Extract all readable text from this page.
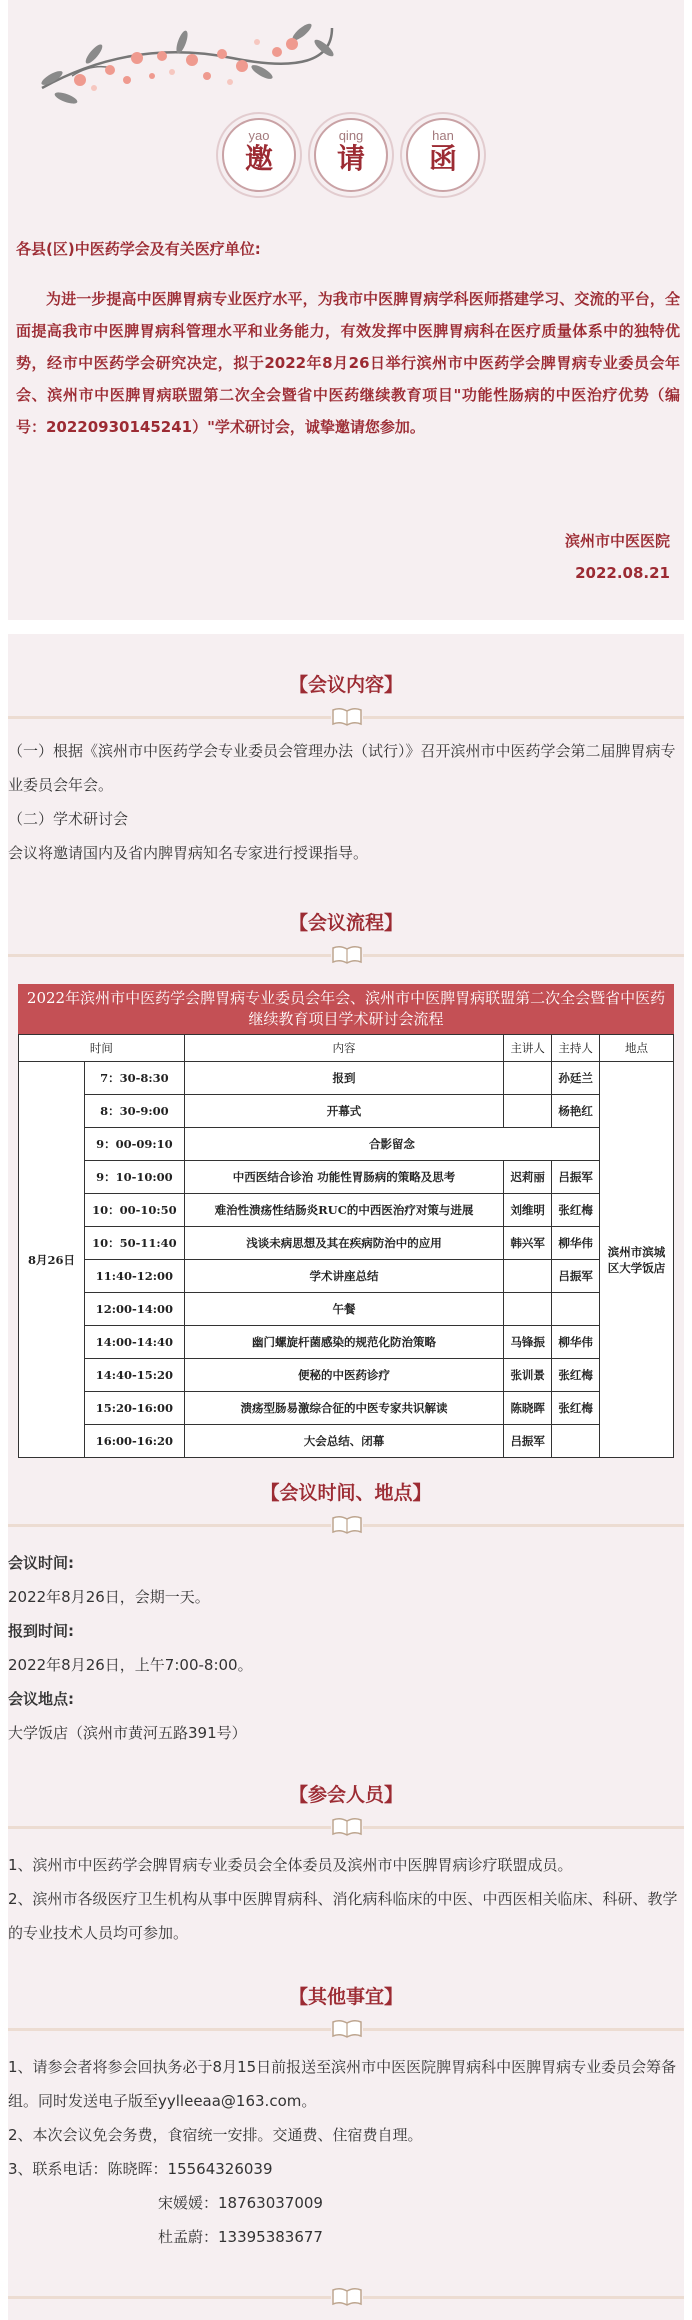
yao
邀
qing
请
han
函
各县(区)中医药学会及有关医疗单位:
为进一步提高中医脾胃病专业医疗水平，为我市中医脾胃病学科医师搭建学习、交流的平台，全面提高我市中医脾胃病科管理水平和业务能力，有效发挥中医脾胃病科在医疗质量体系中的独特优势，经市中医药学会研究决定，拟于2022年8月26日举行滨州市中医药学会脾胃病专业委员会年会、滨州市中医脾胃病联盟第二次全会暨省中医药继续教育项目"功能性肠病的中医治疗优势（编号：20220930145241）"学术研讨会，诚挚邀请您参加。
滨州市中医医院
2022.08.21
【会议内容】
（一）根据《滨州市中医药学会专业委员会管理办法（试行）》召开滨州市中医药学会第二届脾胃病专业委员会年会。
（二）学术研讨会
会议将邀请国内及省内脾胃病知名专家进行授课指导。
【会议流程】
2022年滨州市中医药学会脾胃病专业委员会年会、滨州市中医脾胃病联盟第二次全会暨省中医药继续教育项目学术研讨会流程
时间		内容	主讲人	主持人	地点
8月26日	7：30-8:30	报到		孙廷兰	滨州市滨城区大学饭店
	8：30-9:00	开幕式		杨艳红	
	9：00-09:10	合影留念			
	9：10-10:00	中西医结合诊治 功能性胃肠病的策略及思考	迟莉丽	吕振军	
	10：00-10:50	难治性溃疡性结肠炎RUC的中西医治疗对策与进展	刘维明	张红梅	
	10：50-11:40	浅谈未病思想及其在疾病防治中的应用	韩兴军	柳华伟	
	11:40-12:00	学术讲座总结		吕振军	
	12:00-14:00	午餐			
	14:00-14:40	幽门螺旋杆菌感染的规范化防治策略	马锋振	柳华伟	
	14:40-15:20	便秘的中医药诊疗	张训景	张红梅	
	15:20-16:00	溃疡型肠易激综合征的中医专家共识解读	陈晓晖	张红梅	
	16:00-16:20	大会总结、闭幕	吕振军		
【会议时间、地点】
会议时间:
2022年8月26日，会期一天。
报到时间:
2022年8月26日，上午7:00-8:00。
会议地点:
大学饭店（滨州市黄河五路391号）
【参会人员】
1、滨州市中医药学会脾胃病专业委员会全体委员及滨州市中医脾胃病诊疗联盟成员。
2、滨州市各级医疗卫生机构从事中医脾胃病科、消化病科临床的中医、中西医相关临床、科研、教学的专业技术人员均可参加。
【其他事宜】
1、请参会者将参会回执务必于8月15日前报送至滨州市中医医院脾胃病科中医脾胃病专业委员会筹备组。同时发送电子版至yylleeaa@163.com。
2、本次会议免会务费，食宿统一安排。交通费、住宿费自理。
3、联系电话：陈晓晖：15564326039
宋媛媛：18763037009
杜孟蔚：13395383677
